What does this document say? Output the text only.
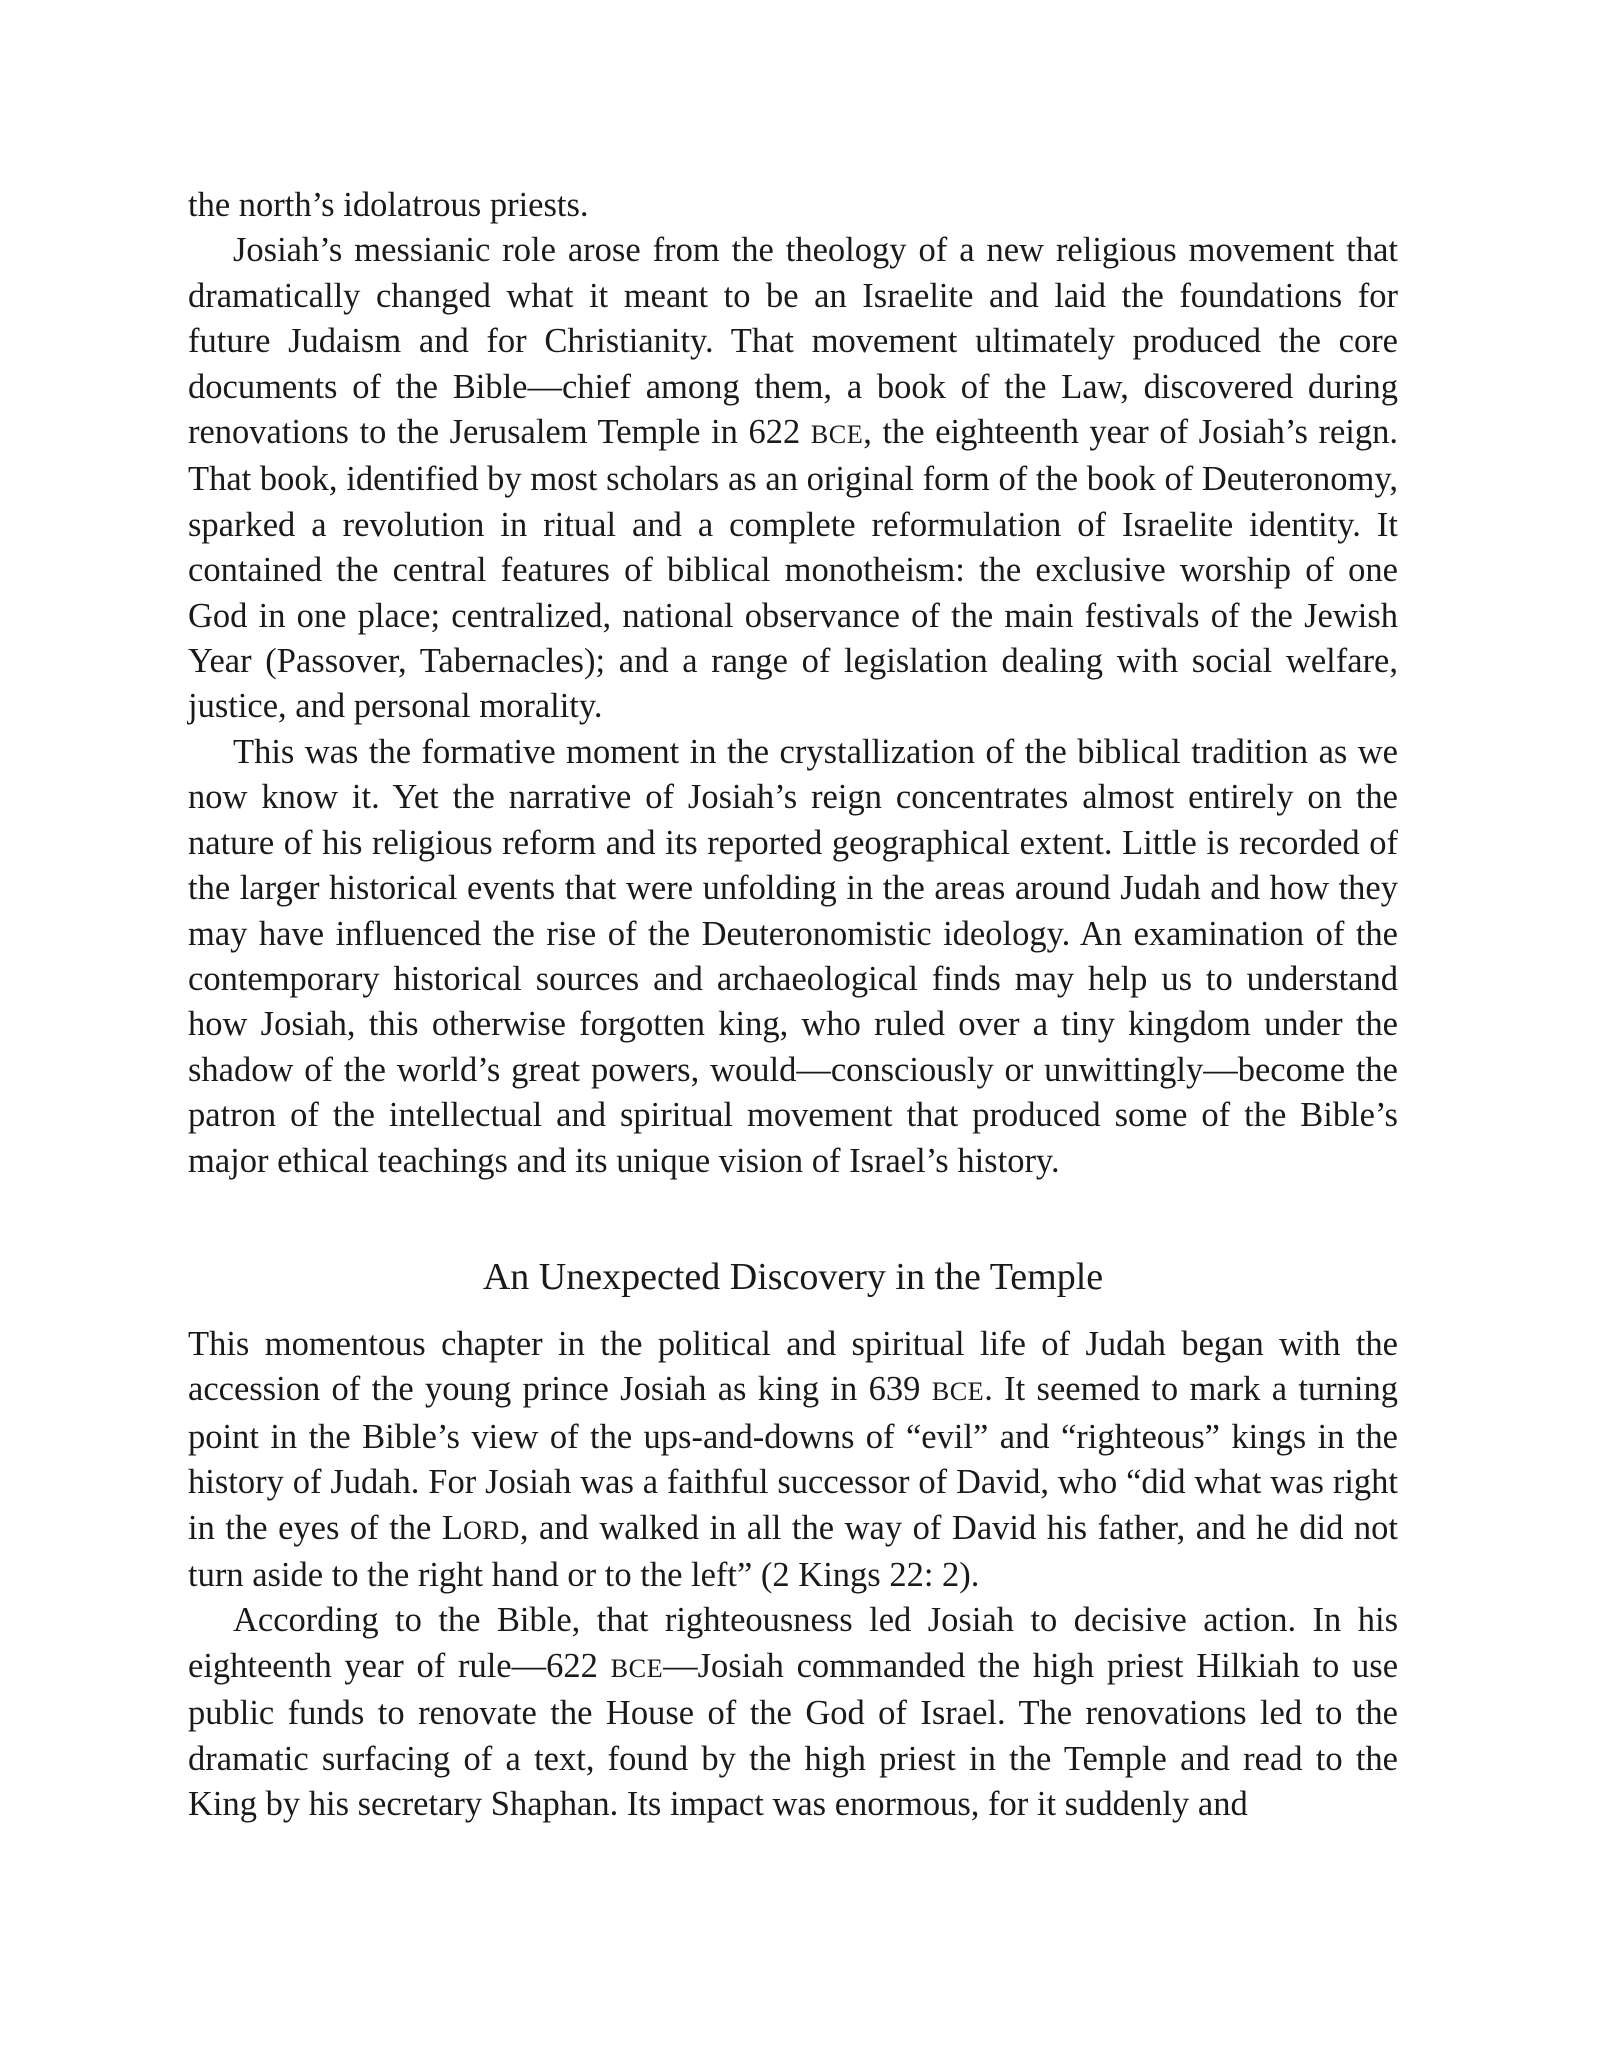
the north’s idolatrous priests.

Josiah’s messianic role arose from the theology of a new religious movement that dramatically changed what it meant to be an Israelite and laid the foundations for future Judaism and for Christianity. That movement ultimately produced the core documents of the Bible—chief among them, a book of the Law, discovered during renovations to the Jerusalem Temple in 622 BCE, the eighteenth year of Josiah’s reign. That book, identified by most scholars as an original form of the book of Deuteronomy, sparked a revolution in ritual and a complete reformulation of Israelite identity. It contained the central features of biblical monotheism: the exclusive worship of one God in one place; centralized, national observance of the main festivals of the Jewish Year (Passover, Tabernacles); and a range of legislation dealing with social welfare, justice, and personal morality.

This was the formative moment in the crystallization of the biblical tradition as we now know it. Yet the narrative of Josiah’s reign concentrates almost entirely on the nature of his religious reform and its reported geographical extent. Little is recorded of the larger historical events that were unfolding in the areas around Judah and how they may have influenced the rise of the Deuteronomistic ideology. An examination of the contemporary historical sources and archaeological finds may help us to understand how Josiah, this otherwise forgotten king, who ruled over a tiny kingdom under the shadow of the world’s great powers, would—consciously or unwittingly—become the patron of the intellectual and spiritual movement that produced some of the Bible’s major ethical teachings and its unique vision of Israel’s history.

An Unexpected Discovery in the Temple

This momentous chapter in the political and spiritual life of Judah began with the accession of the young prince Josiah as king in 639 BCE. It seemed to mark a turning point in the Bible’s view of the ups-and-downs of “evil” and “righteous” kings in the history of Judah. For Josiah was a faithful successor of David, who “did what was right in the eyes of the LORD, and walked in all the way of David his father, and he did not turn aside to the right hand or to the left” (2 Kings 22: 2).

According to the Bible, that righteousness led Josiah to decisive action. In his eighteenth year of rule—622 BCE—Josiah commanded the high priest Hilkiah to use public funds to renovate the House of the God of Israel. The renovations led to the dramatic surfacing of a text, found by the high priest in the Temple and read to the King by his secretary Shaphan. Its impact was enormous, for it suddenly and
